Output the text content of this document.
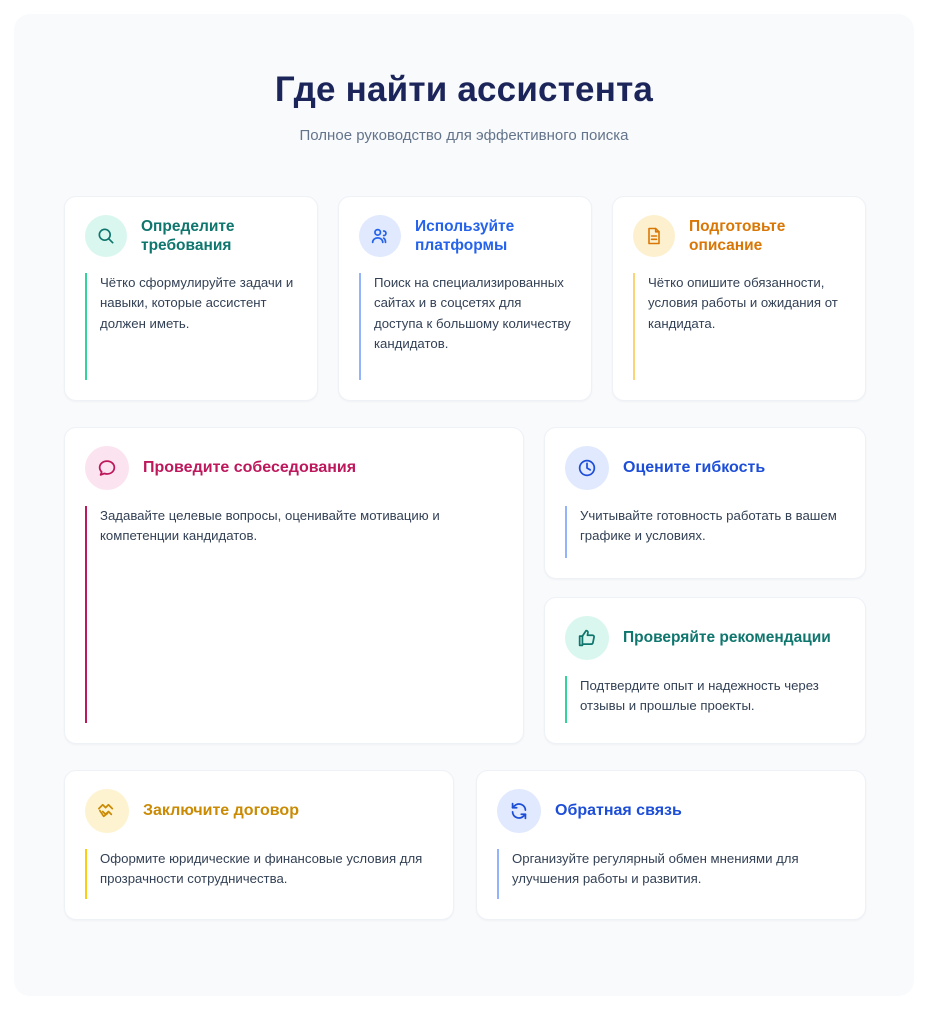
Где найти ассистента
Полное руководство для эффективного поиска
Определите требования
Чётко сформулируйте задачи и навыки, которые ассистент должен иметь.
Используйте платформы
Поиск на специализированных сайтах и в соцсетях для доступа к большому количеству кандидатов.
Подготовьте описание
Чётко опишите обязанности, условия работы и ожидания от кандидата.
Проведите собеседования
Задавайте целевые вопросы, оценивайте мотивацию и компетенции кандидатов.
Оцените гибкость
Учитывайте готовность работать в вашем графике и условиях.
Проверяйте рекомендации
Подтвердите опыт и надежность через отзывы и прошлые проекты.
Заключите договор
Оформите юридические и финансовые условия для прозрачности сотрудничества.
Обратная связь
Организуйте регулярный обмен мнениями для улучшения работы и развития.
